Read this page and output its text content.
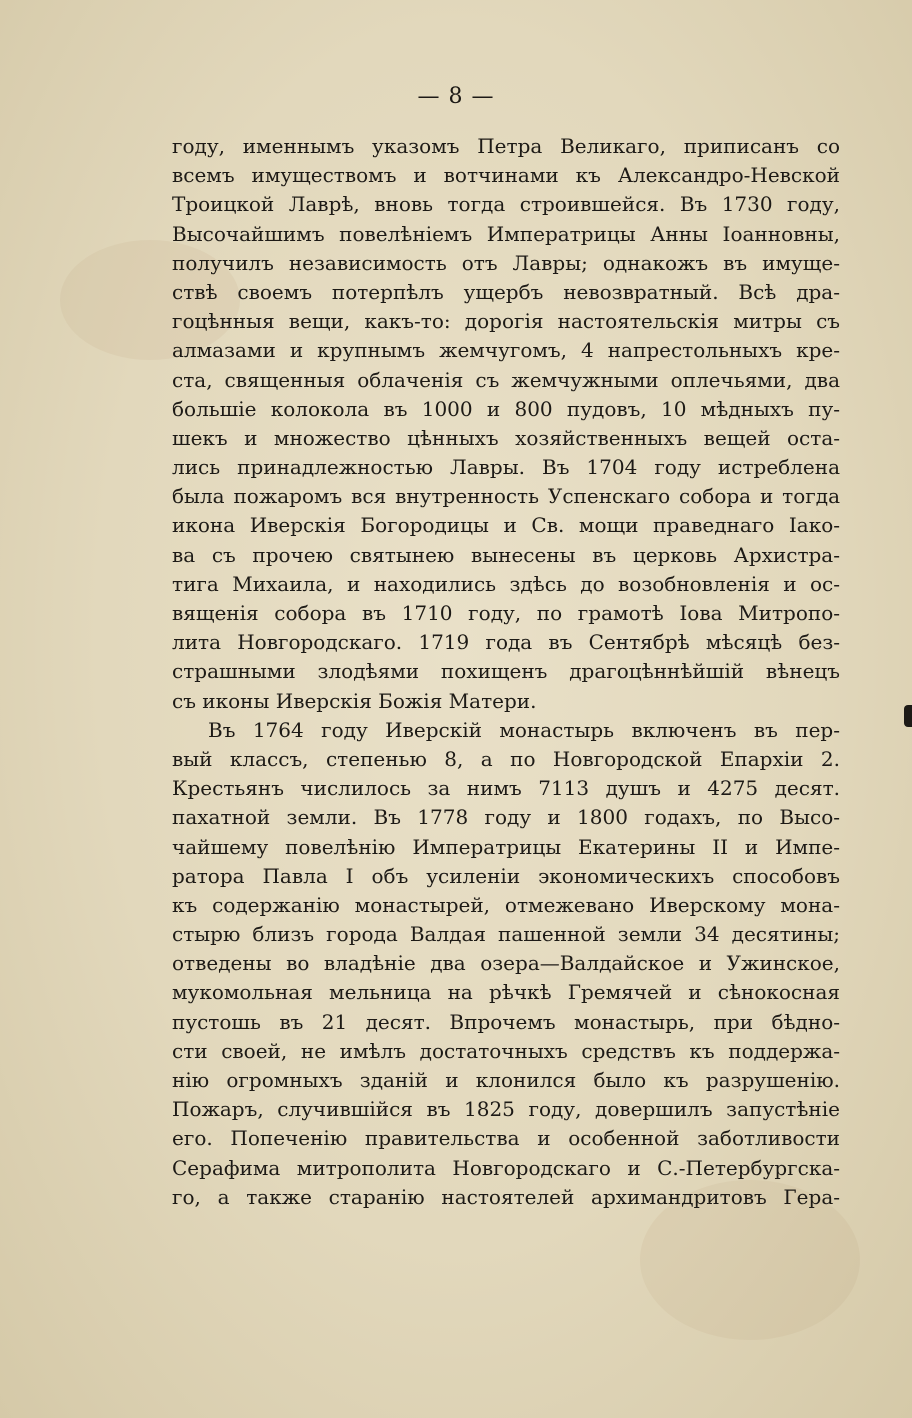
— 8 —
году, именнымъ указомъ Петра Великаго, приписанъ со
всемъ имуществомъ и вотчинами къ Александро-Невской
Троицкой Лаврѣ, вновь тогда строившейся. Въ 1730 году,
Высочайшимъ повелѣніемъ Императрицы Анны Іоанновны,
получилъ независимость отъ Лавры; однакожъ въ имуще-
ствѣ своемъ потерпѣлъ ущербъ невозвратный. Всѣ дра-
гоцѣнныя вещи, какъ-то: дорогія настоятельскія митры съ
алмазами и крупнымъ жемчугомъ, 4 напрестольныхъ кре-
ста, священныя облаченія съ жемчужными оплечьями, два
большіе колокола въ 1000 и 800 пудовъ, 10 мѣдныхъ пу-
шекъ и множество цѣнныхъ хозяйственныхъ вещей оста-
лись принадлежностью Лавры. Въ 1704 году истреблена
была пожаромъ вся внутренность Успенскаго собора и тогда
икона Иверскія Богородицы и Св. мощи праведнаго Іако-
ва съ прочею святынею вынесены въ церковь Архистра-
тига Михаила, и находились здѣсь до возобновленія и ос-
вященія собора въ 1710 году, по грамотѣ Іова Митропо-
лита Новгородскаго. 1719 года въ Сентябрѣ мѣсяцѣ без-
страшными злодѣями похищенъ драгоцѣннѣйшій вѣнецъ
съ иконы Иверскія Божія Матери.
Въ 1764 году Иверскій монастырь включенъ въ пер-
вый классъ, степенью 8, а по Новгородской Епархіи 2.
Крестьянъ числилось за нимъ 7113 душъ и 4275 десят.
пахатной земли. Въ 1778 году и 1800 годахъ, по Высо-
чайшему повелѣнію Императрицы Екатерины II и Импе-
ратора Павла I объ усиленіи экономическихъ способовъ
къ содержанію монастырей, отмежевано Иверскому мона-
стырю близъ города Валдая пашенной земли 34 десятины;
отведены во владѣніе два озера—Валдайское и Ужинское,
мукомольная мельница на рѣчкѣ Гремячей и сѣнокосная
пустошь въ 21 десят. Впрочемъ монастырь, при бѣдно-
сти своей, не имѣлъ достаточныхъ средствъ къ поддержа-
нію огромныхъ зданій и клонился было къ разрушенію.
Пожаръ, случившійся въ 1825 году, довершилъ запустѣніе
его. Попеченію правительства и особенной заботливости
Серафима митрополита Новгородскаго и С.-Петербургска-
го, а также старанію настоятелей архимандритовъ Гера-
